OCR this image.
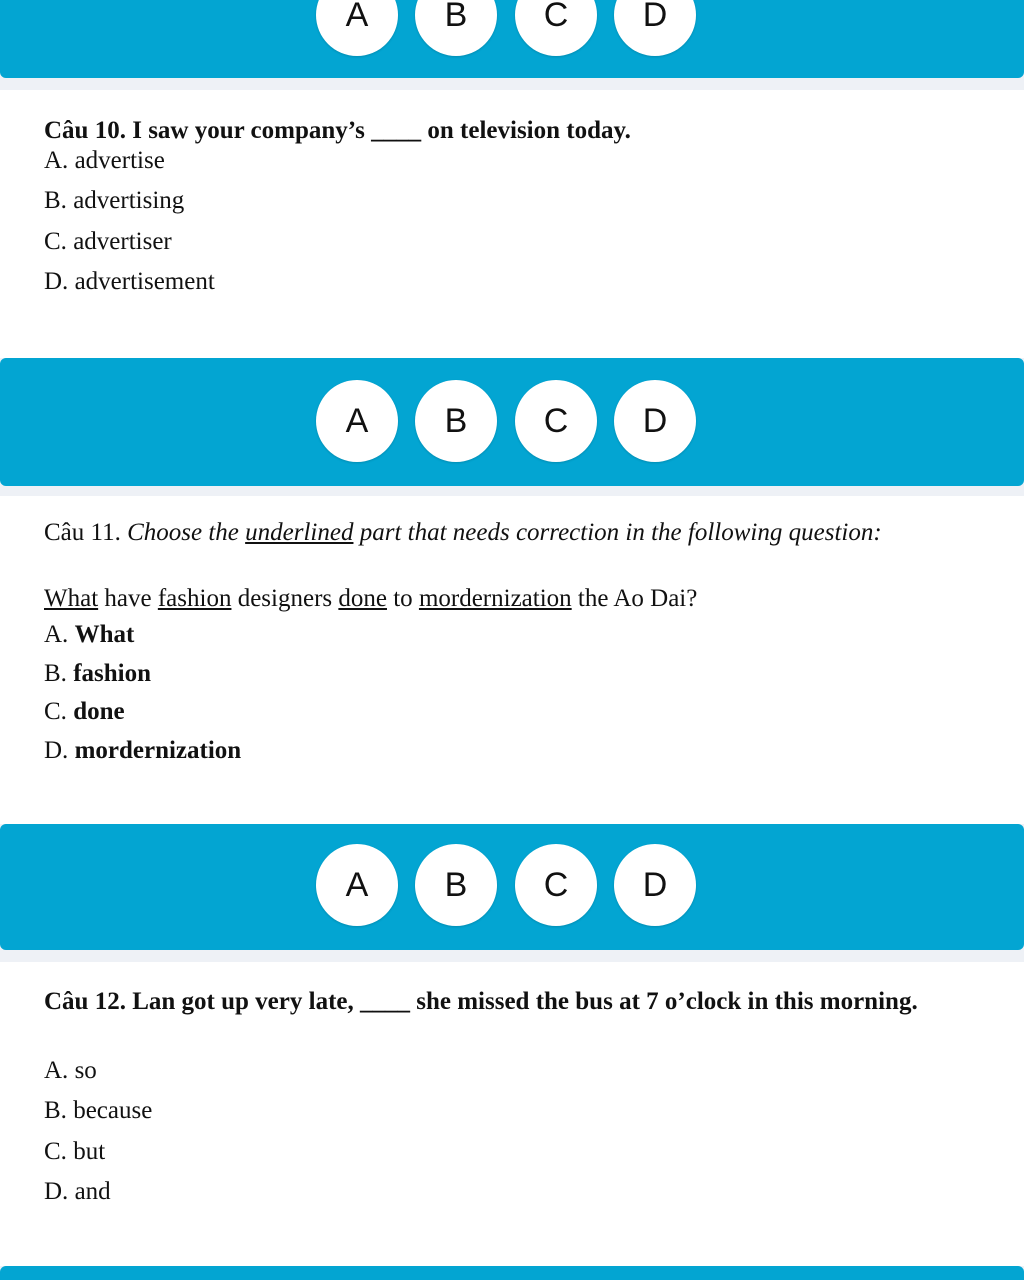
A	B	C	D
Câu 10. I saw your company’s ____ on television today.
A. advertise
B. advertising
C. advertiser
D. advertisement
A	B	C	D
Câu 11. Choose the underlined part that needs correction in the following question:
What have fashion designers done to mordernization the Ao Dai?
A. What
B. fashion
C. done
D. mordernization
A	B	C	D
Câu 12. Lan got up very late, ____ she missed the bus at 7 o’clock in this morning.
A. so
B. because
C. but
D. and
